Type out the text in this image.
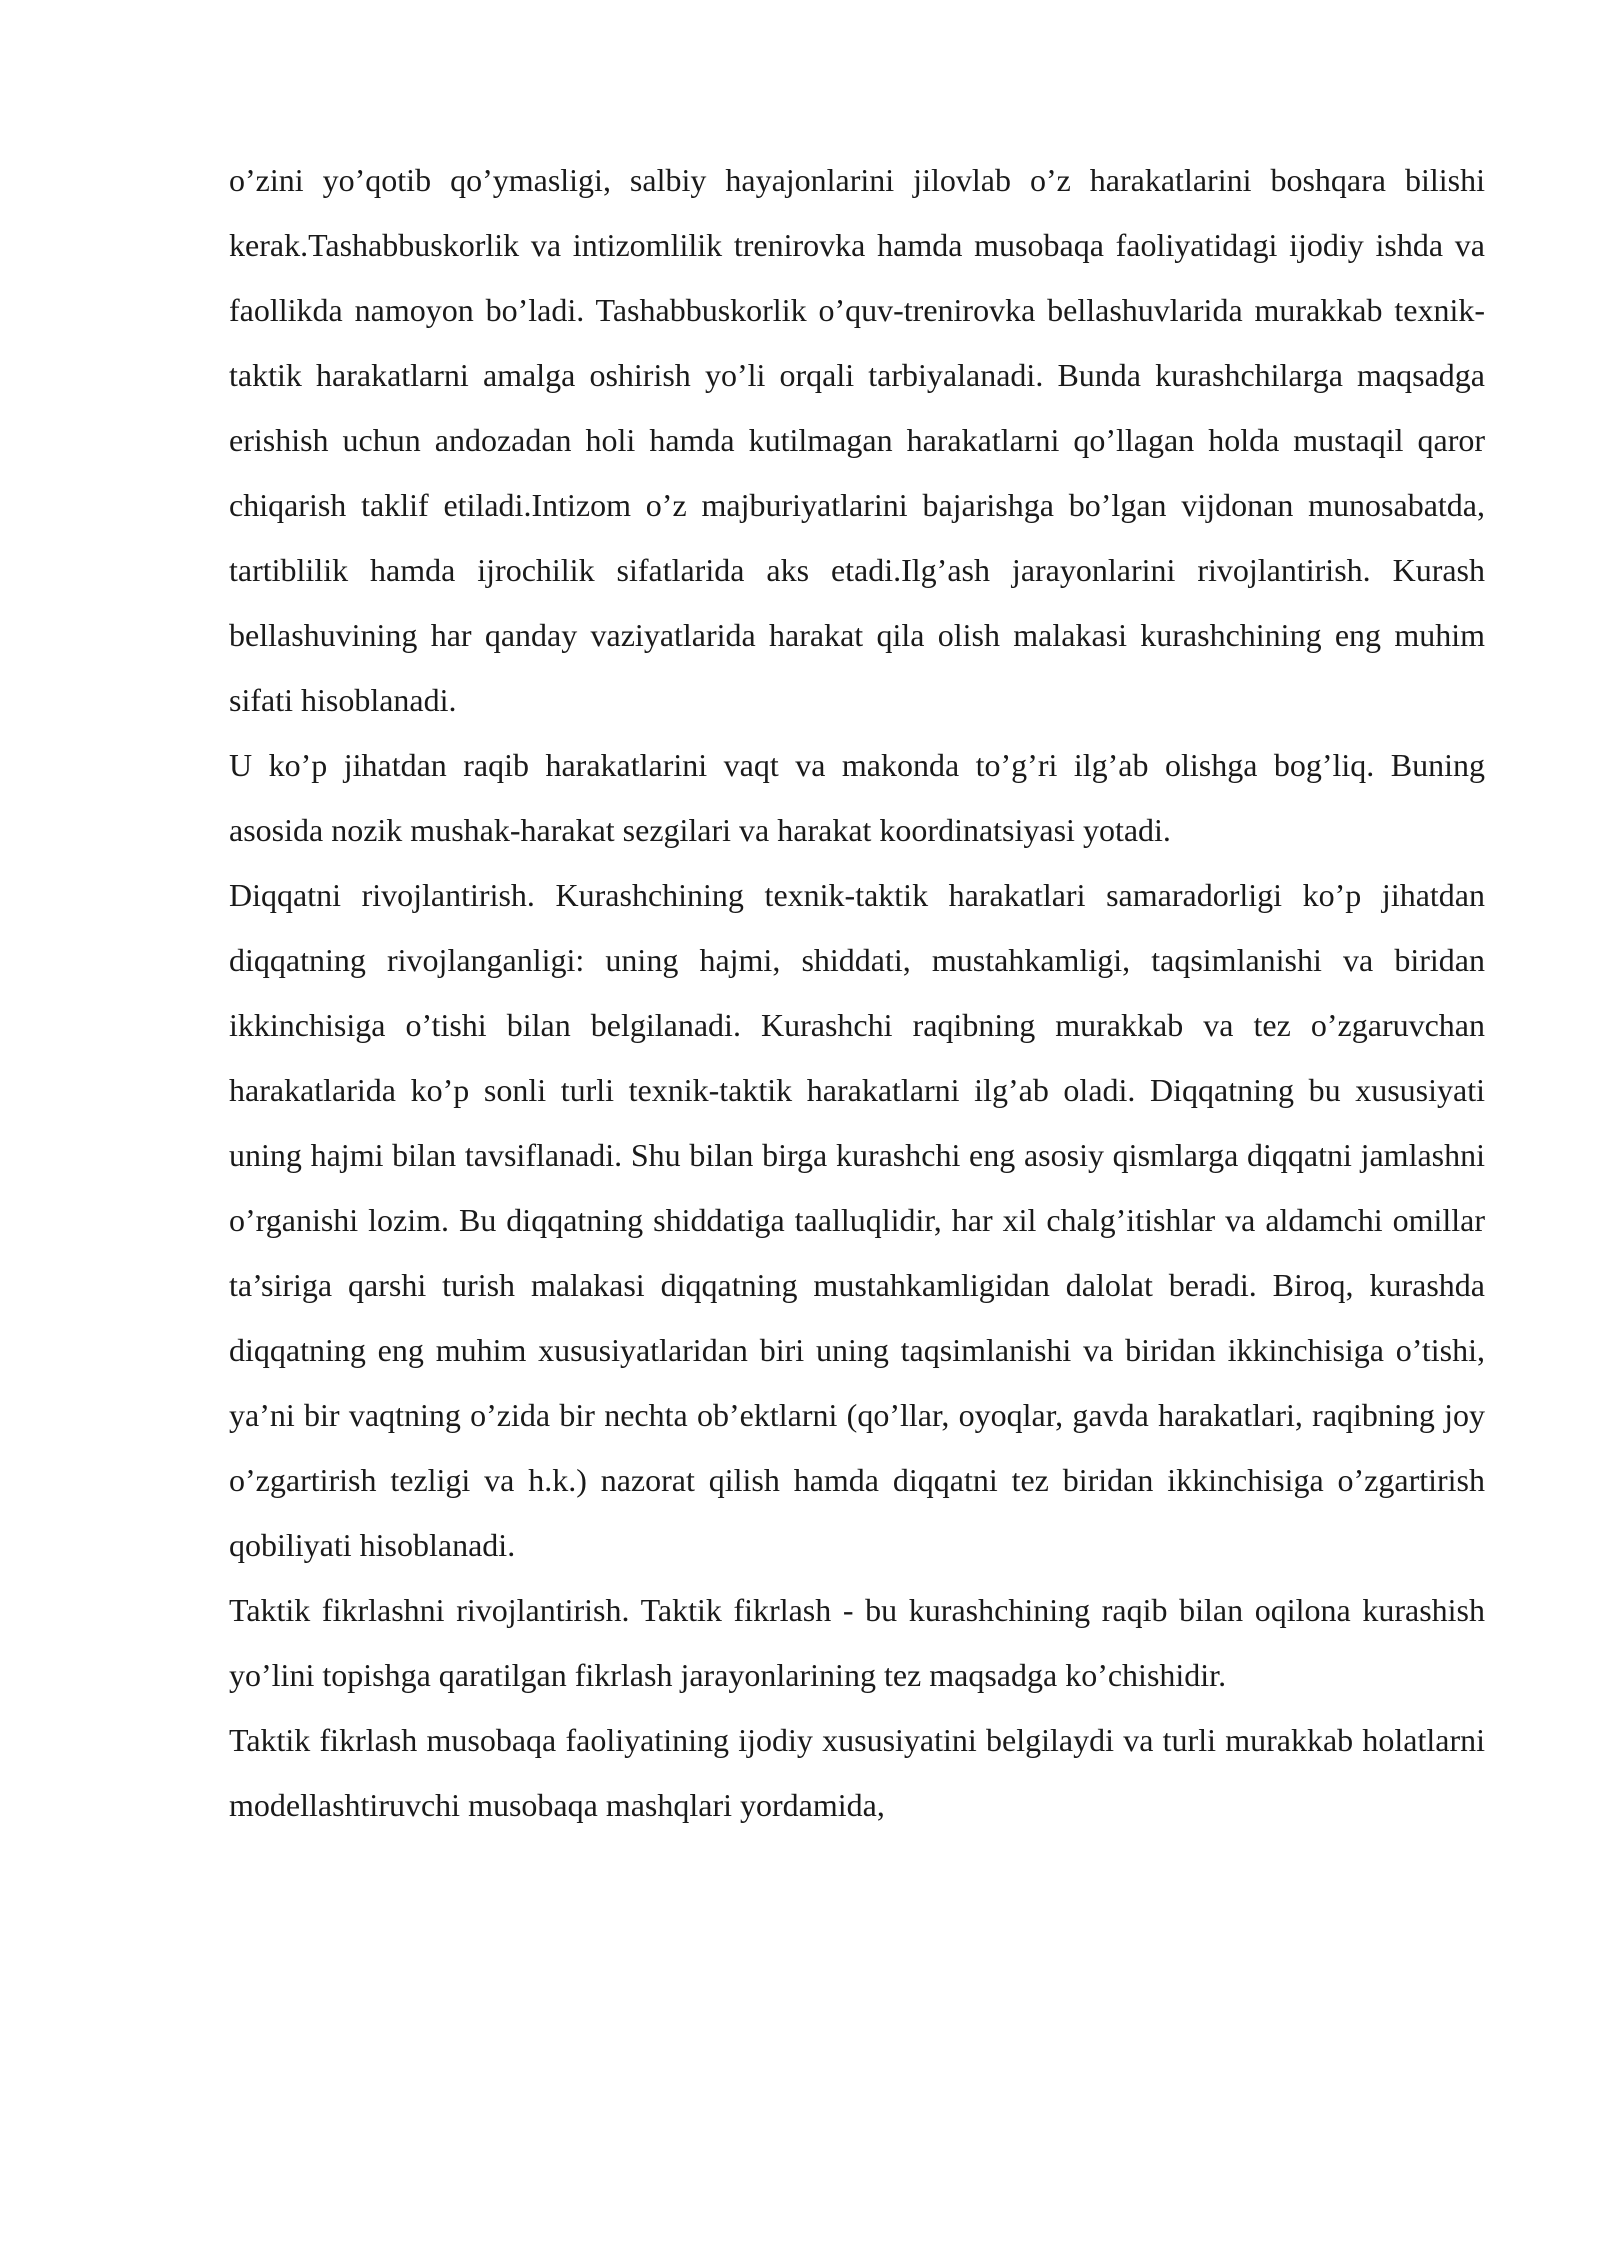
o’zini yo’qotib qo’ymasligi, salbiy hayajonlarini jilovlab o’z harakatlarini boshqara bilishi kerak.Tashabbuskorlik va intizomlilik trenirovka hamda musobaqa faoliyatidagi ijodiy ishda va faollikda namoyon bo’ladi. Tashabbuskorlik o’quv-trenirovka bellashuvlarida murakkab texnik-taktik harakatlarni amalga oshirish yo’li orqali tarbiyalanadi. Bunda kurashchilarga maqsadga erishish uchun andozadan holi hamda kutilmagan harakatlarni qo’llagan holda mustaqil qaror chiqarish taklif etiladi.Intizom o’z majburiyatlarini bajarishga bo’lgan vijdonan munosabatda, tartiblilik hamda ijrochilik sifatlarida aks etadi.Ilg’ash jarayonlarini rivojlantirish. Kurash bellashuvining har qanday vaziyatlarida harakat qila olish malakasi kurashchining eng muhim sifati hisoblanadi.

U ko’p jihatdan raqib harakatlarini vaqt va makonda to’g’ri ilg’ab olishga bog’liq. Buning asosida nozik mushak-harakat sezgilari va harakat koordinatsiyasi yotadi.

Diqqatni rivojlantirish. Kurashchining texnik-taktik harakatlari samaradorligi ko’p jihatdan diqqatning rivojlanganligi: uning hajmi, shiddati, mustahkamligi, taqsimlanishi va biridan ikkinchisiga o’tishi bilan belgilanadi. Kurashchi raqibning murakkab va tez o’zgaruvchan harakatlarida ko’p sonli turli texnik-taktik harakatlarni ilg’ab oladi. Diqqatning bu xususiyati uning hajmi bilan tavsiflanadi. Shu bilan birga kurashchi eng asosiy qismlarga diqqatni jamlashni o’rganishi lozim. Bu diqqatning shiddatiga taalluqlidir, har xil chalg’itishlar va aldamchi omillar ta’siriga qarshi turish malakasi diqqatning mustahkamligidan dalolat beradi. Biroq, kurashda diqqatning eng muhim xususiyatlaridan biri uning taqsimlanishi va biridan ikkinchisiga o’tishi, ya’ni bir vaqtning o’zida bir nechta ob’ektlarni (qo’llar, oyoqlar, gavda harakatlari, raqibning joy o’zgartirish tezligi va h.k.) nazorat qilish hamda diqqatni tez biridan ikkinchisiga o’zgartirish qobiliyati hisoblanadi.

Taktik fikrlashni rivojlantirish. Taktik fikrlash - bu kurashchining raqib bilan oqilona kurashish yo’lini topishga qaratilgan fikrlash jarayonlarining tez maqsadga ko’chishidir.

Taktik fikrlash musobaqa faoliyatining ijodiy xususiyatini belgilaydi va turli murakkab holatlarni modellashtiruvchi musobaqa mashqlari yordamida,
